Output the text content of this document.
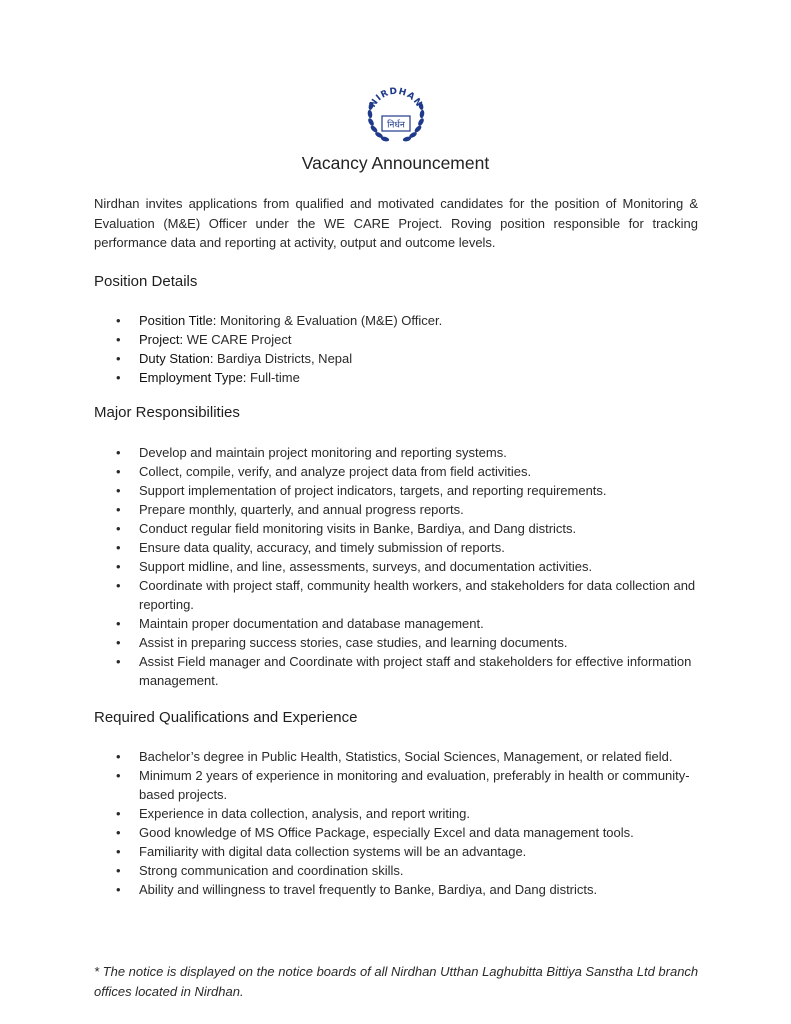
NIRDHAN
निर्धन
Vacancy Announcement
Nirdhan invites applications from qualified and motivated candidates for the position of Monitoring & Evaluation (M&E) Officer under the WE CARE Project. Roving position responsible for tracking performance data and reporting at activity, output and outcome levels.
Position Details
• Position Title: Monitoring & Evaluation (M&E) Officer.
• Project: WE CARE Project
• Duty Station: Bardiya Districts, Nepal
• Employment Type: Full-time
Major Responsibilities
• Develop and maintain project monitoring and reporting systems.
• Collect, compile, verify, and analyze project data from field activities.
• Support implementation of project indicators, targets, and reporting requirements.
• Prepare monthly, quarterly, and annual progress reports.
• Conduct regular field monitoring visits in Banke, Bardiya, and Dang districts.
• Ensure data quality, accuracy, and timely submission of reports.
• Support midline, and line, assessments, surveys, and documentation activities.
• Coordinate with project staff, community health workers, and stakeholders for data collection and reporting.
• Maintain proper documentation and database management.
• Assist in preparing success stories, case studies, and learning documents.
• Assist Field manager and Coordinate with project staff and stakeholders for effective information management.
Required Qualifications and Experience
• Bachelor’s degree in Public Health, Statistics, Social Sciences, Management, or related field.
• Minimum 2 years of experience in monitoring and evaluation, preferably in health or community-based projects.
• Experience in data collection, analysis, and report writing.
• Good knowledge of MS Office Package, especially Excel and data management tools.
• Familiarity with digital data collection systems will be an advantage.
• Strong communication and coordination skills.
• Ability and willingness to travel frequently to Banke, Bardiya, and Dang districts.
* The notice is displayed on the notice boards of all Nirdhan Utthan Laghubitta Bittiya Sanstha Ltd branch offices located in Nirdhan.
